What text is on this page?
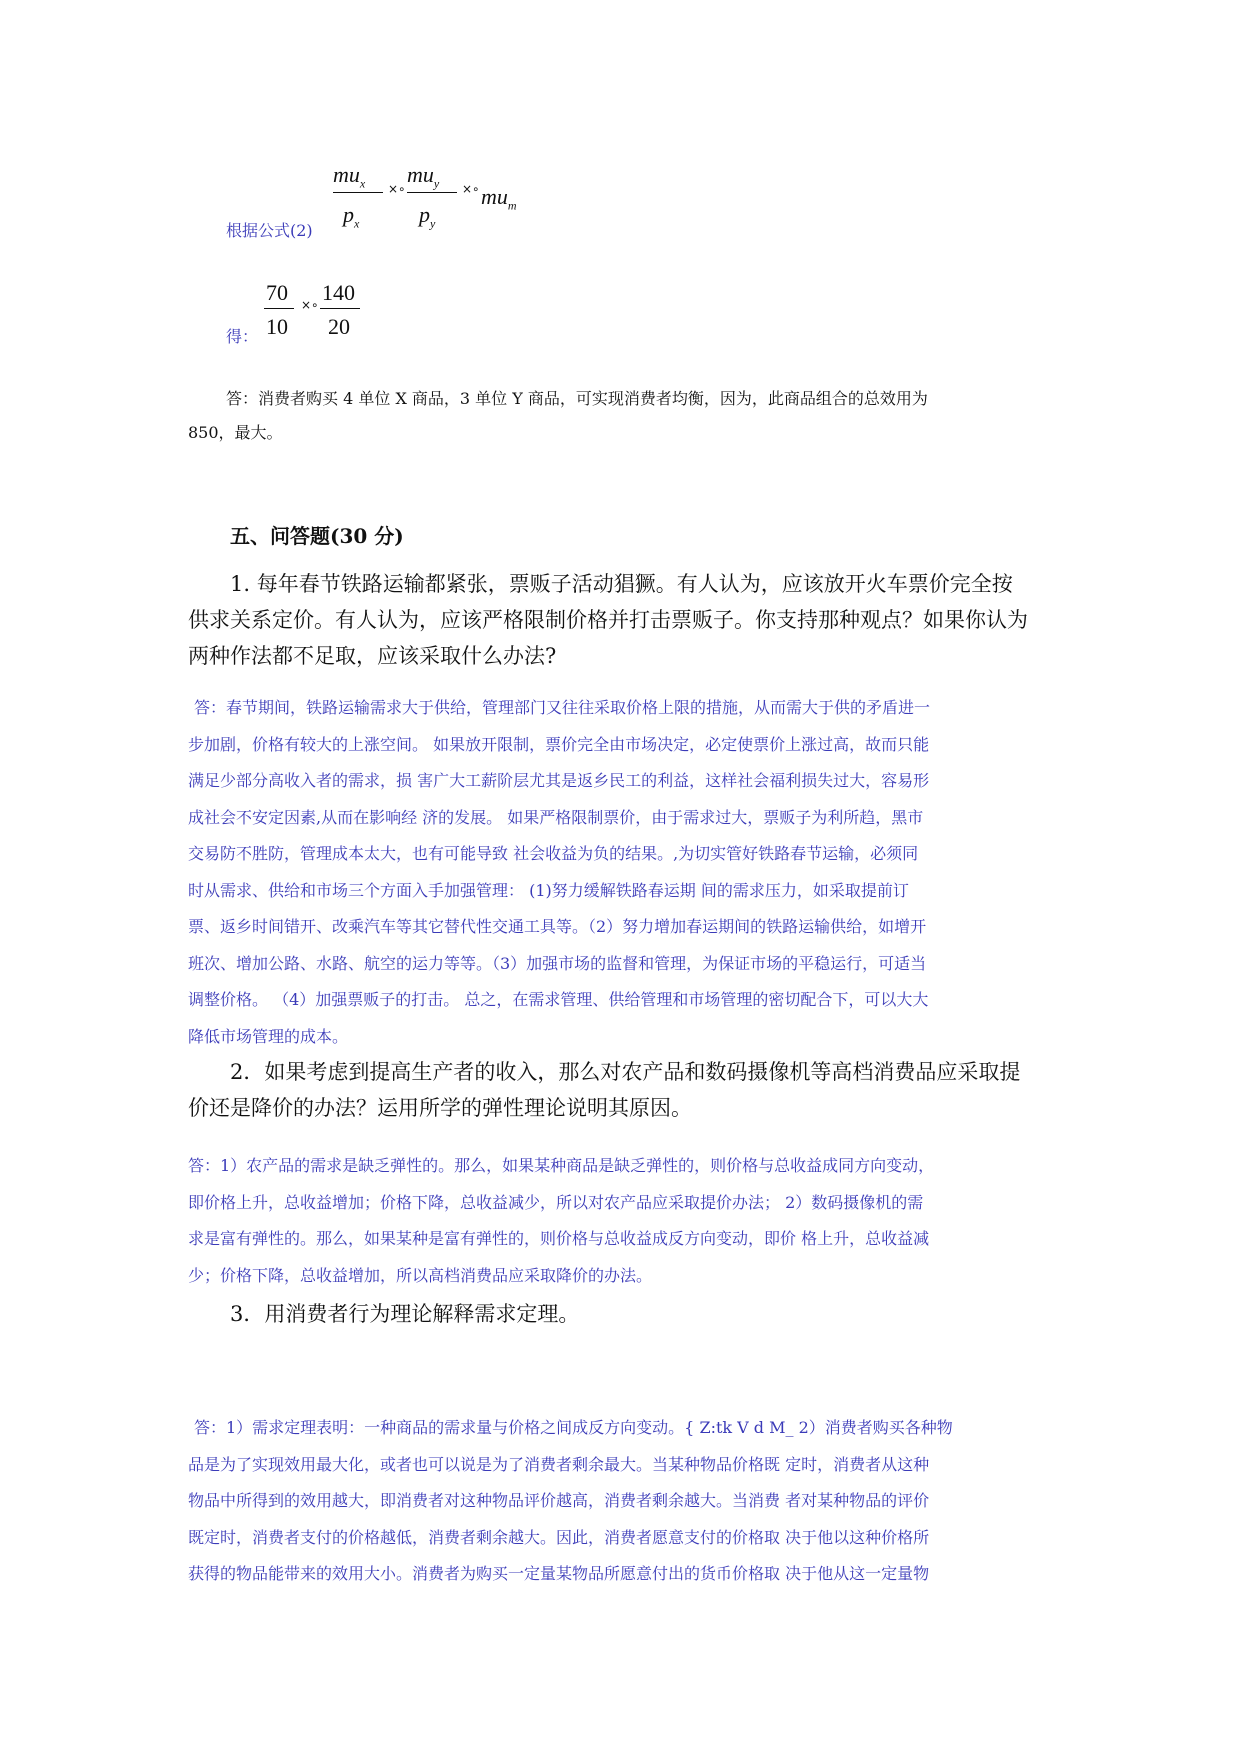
根据公式(2)
$mu_x$
$p_x$
×∘
$mu_y$
$p_y$
×∘ $mu_m$
得：
70
10
×∘ 140
20
答：消费者购买 4 单位 X 商品，3 单位 Y 商品，可实现消费者均衡，因为，此商品组合的总效用为
850，最大。
五、问答题(30 分)
1. 每年春节铁路运输都紧张，票贩子活动猖獗。有人认为，应该放开火车票价完全按
供求关系定价。有人认为，应该严格限制价格并打击票贩子。你支持那种观点？如果你认为
两种作法都不足取，应该采取什么办法?
答：春节期间，铁路运输需求大于供给，管理部门又往往采取价格上限的措施，从而需大于供的矛盾进一
步加剧，价格有较大的上涨空间。 如果放开限制，票价完全由市场决定，必定使票价上涨过高，故而只能
满足少部分高收入者的需求，损 害广大工薪阶层尤其是返乡民工的利益，这样社会福利损失过大，容易形
成社会不安定因素,从而在影响经 济的发展。 如果严格限制票价，由于需求过大，票贩子为利所趋，黑市
交易防不胜防，管理成本太大，也有可能导致 社会收益为负的结果。,为切实管好铁路春节运输，必须同
时从需求、供给和市场三个方面入手加强管理： (1)努力缓解铁路春运期 间的需求压力，如采取提前订
票、返乡时间错开、改乘汽车等其它替代性交通工具等。（2）努力增加春运期间的铁路运输供给，如增开
班次、增加公路、水路、航空的运力等等。（3）加强市场的监督和管理，为保证市场的平稳运行，可适当
调整价格。 （4）加强票贩子的打击。 总之，在需求管理、供给管理和市场管理的密切配合下，可以大大
降低市场管理的成本。
2．如果考虑到提高生产者的收入，那么对农产品和数码摄像机等高档消费品应采取提
价还是降价的办法？运用所学的弹性理论说明其原因。
答：1）农产品的需求是缺乏弹性的。那么，如果某种商品是缺乏弹性的，则价格与总收益成同方向变动，
即价格上升，总收益增加；价格下降，总收益减少，所以对农产品应采取提价办法； 2）数码摄像机的需
求是富有弹性的。那么，如果某种是富有弹性的，则价格与总收益成反方向变动，即价 格上升，总收益减
少；价格下降，总收益增加，所以高档消费品应采取降价的办法。
3．用消费者行为理论解释需求定理。
答：1）需求定理表明：一种商品的需求量与价格之间成反方向变动。{ Z:tk V d M_ 2）消费者购买各种物
品是为了实现效用最大化，或者也可以说是为了消费者剩余最大。当某种物品价格既 定时，消费者从这种
物品中所得到的效用越大，即消费者对这种物品评价越高，消费者剩余越大。当消费 者对某种物品的评价
既定时，消费者支付的价格越低，消费者剩余越大。因此，消费者愿意支付的价格取 决于他以这种价格所
获得的物品能带来的效用大小。消费者为购买一定量某物品所愿意付出的货币价格取 决于他从这一定量物
